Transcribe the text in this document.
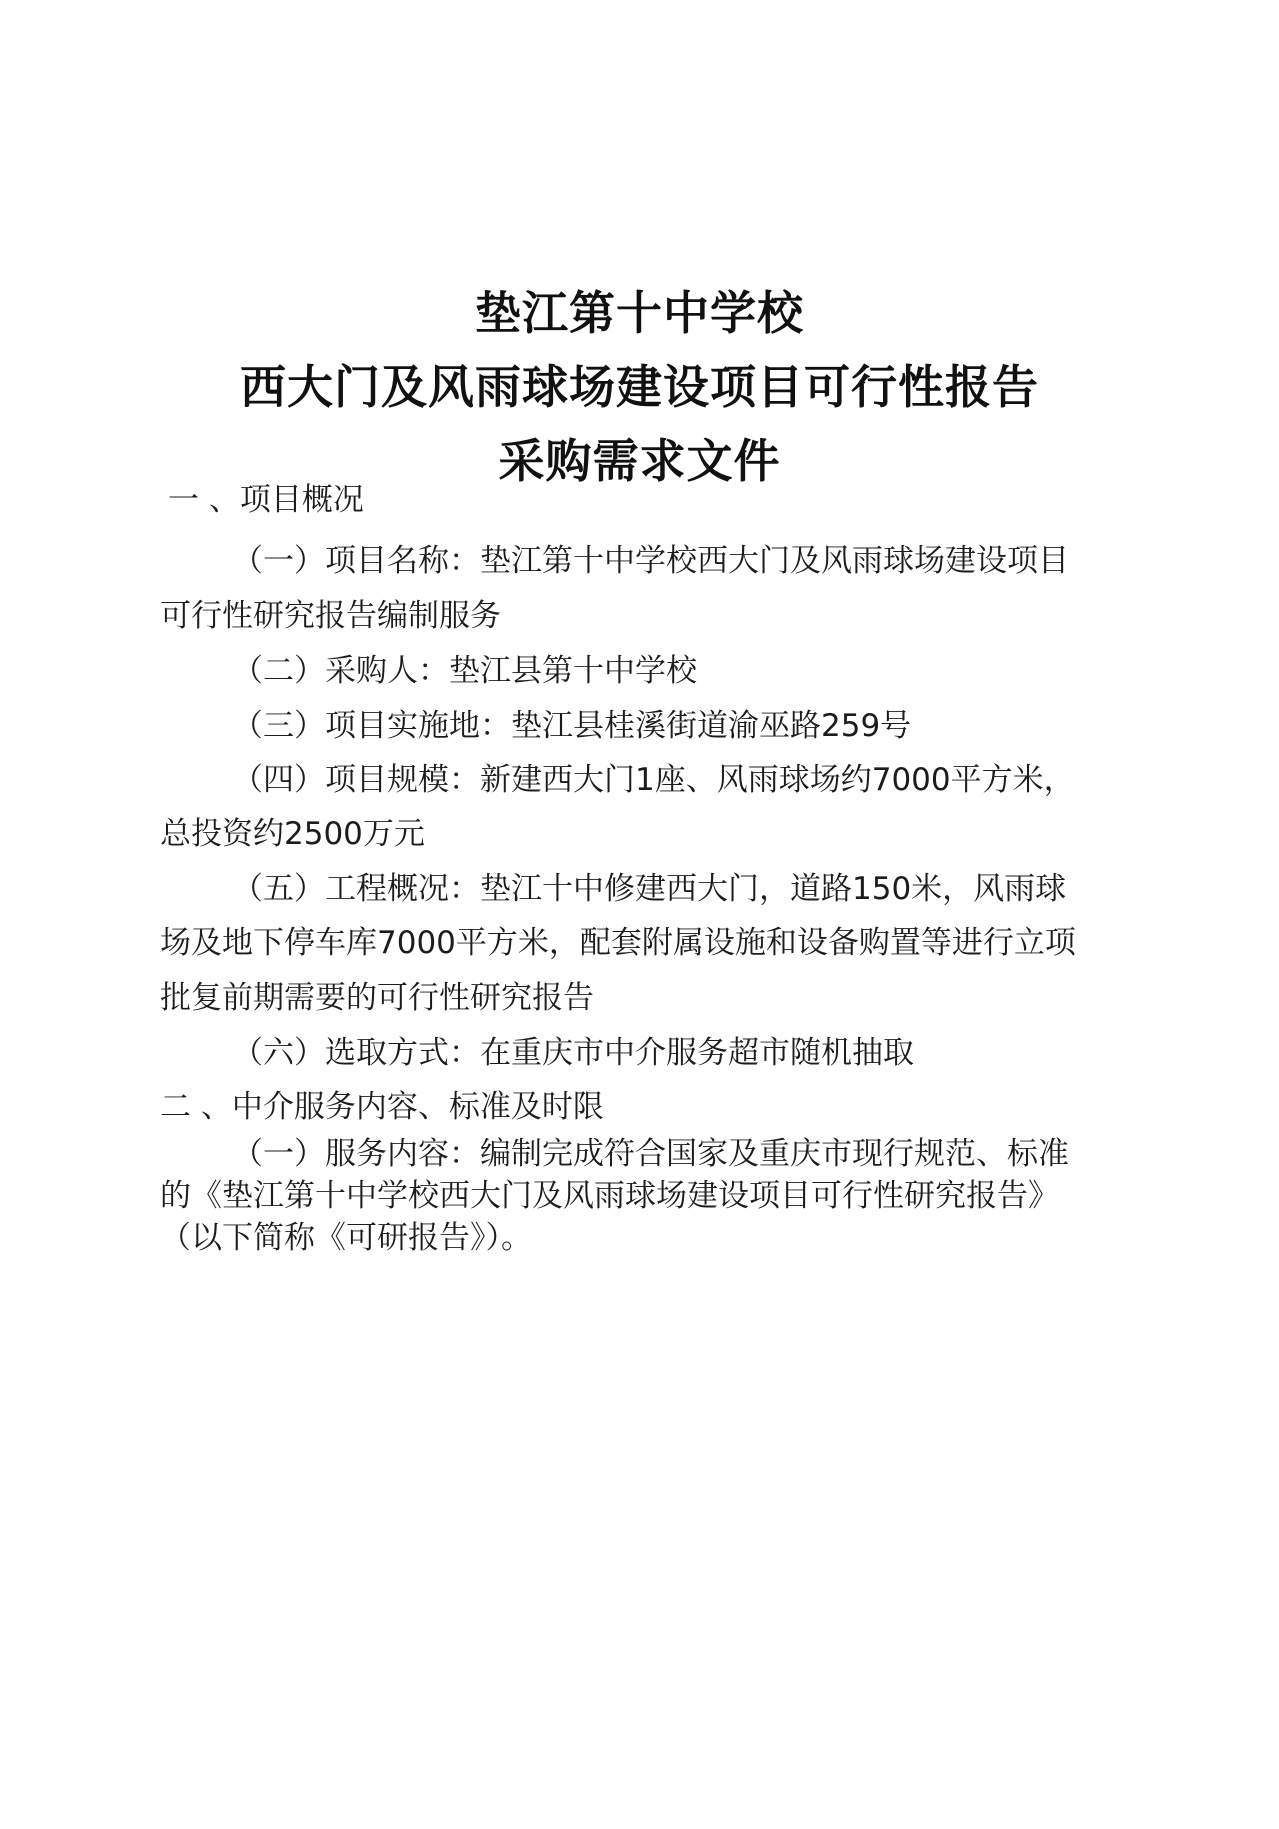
垫江第十中学校
西大门及风雨球场建设项目可行性报告
采购需求文件
一 、项目概况
（一）项目名称：垫江第十中学校西大门及风雨球场建设项目
可行性研究报告编制服务
（二）采购人：垫江县第十中学校
（三）项目实施地：垫江县桂溪街道渝巫路259号
（四）项目规模：新建西大门1座、风雨球场约7000平方米，
总投资约2500万元
（五）工程概况：垫江十中修建西大门，道路150米，风雨球
场及地下停车库7000平方米，配套附属设施和设备购置等进行立项
批复前期需要的可行性研究报告
（六）选取方式：在重庆市中介服务超市随机抽取
二 、中介服务内容、标准及时限
（一）服务内容：编制完成符合国家及重庆市现行规范、标准
的《垫江第十中学校西大门及风雨球场建设项目可行性研究报告》
（以下简称《可研报告》）。
